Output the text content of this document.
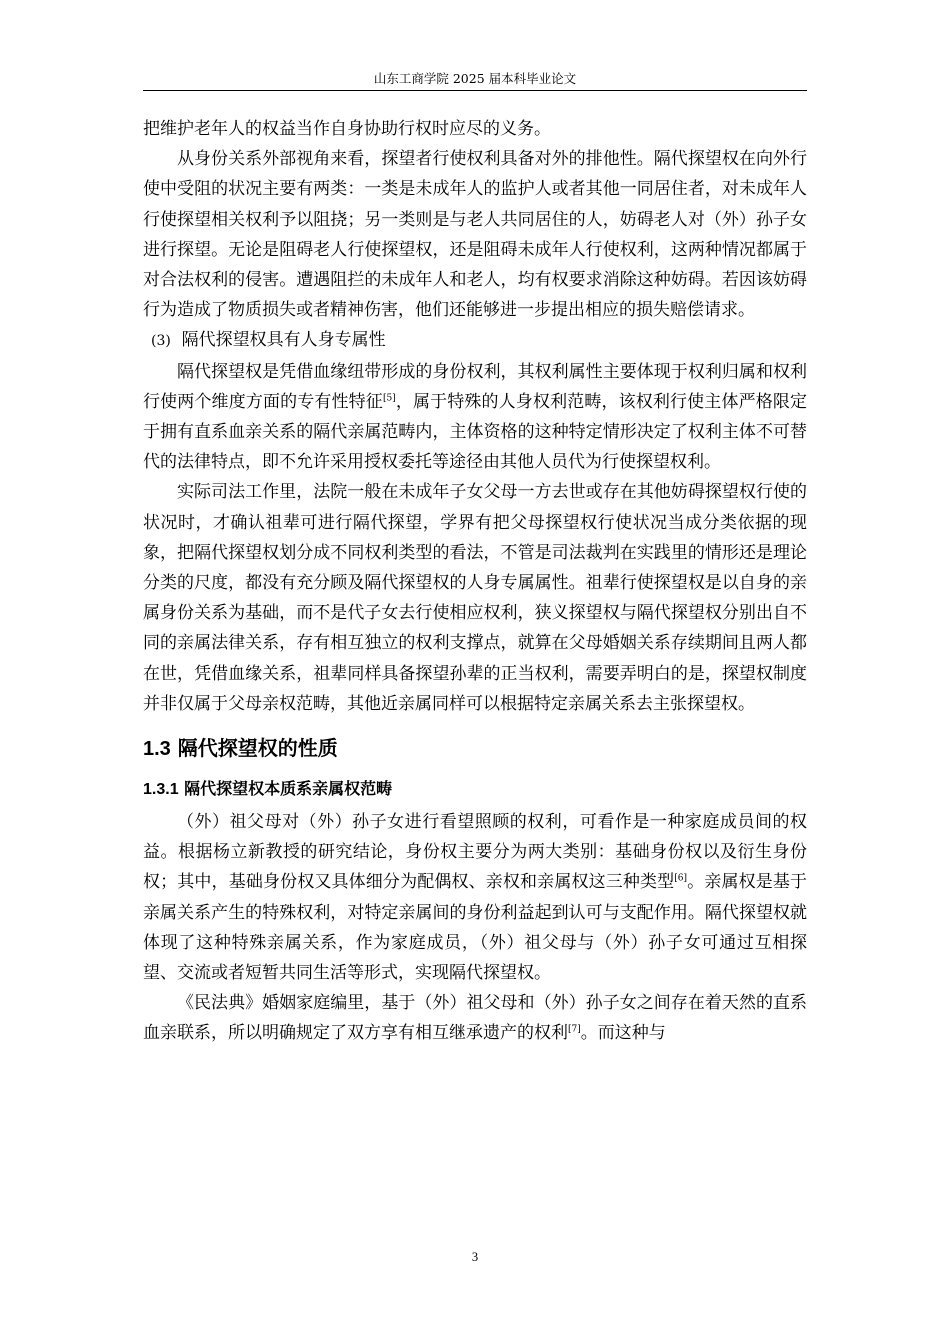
山东工商学院 2025 届本科毕业论文

把维护老年人的权益当作自身协助行权时应尽的义务。

从身份关系外部视角来看，探望者行使权利具备对外的排他性。隔代探望权在向外行使中受阻的状况主要有两类：一类是未成年人的监护人或者其他一同居住者，对未成年人行使探望相关权利予以阻挠；另一类则是与老人共同居住的人，妨碍老人对（外）孙子女进行探望。无论是阻碍老人行使探望权，还是阻碍未成年人行使权利，这两种情况都属于对合法权利的侵害。遭遇阻拦的未成年人和老人，均有权要求消除这种妨碍。若因该妨碍行为造成了物质损失或者精神伤害，他们还能够进一步提出相应的损失赔偿请求。

(3) 隔代探望权具有人身专属性

隔代探望权是凭借血缘纽带形成的身份权利，其权利属性主要体现于权利归属和权利行使两个维度方面的专有性特征[5]，属于特殊的人身权利范畴，该权利行使主体严格限定于拥有直系血亲关系的隔代亲属范畴内，主体资格的这种特定情形决定了权利主体不可替代的法律特点，即不允许采用授权委托等途径由其他人员代为行使探望权利。

实际司法工作里，法院一般在未成年子女父母一方去世或存在其他妨碍探望权行使的状况时，才确认祖辈可进行隔代探望，学界有把父母探望权行使状况当成分类依据的现象，把隔代探望权划分成不同权利类型的看法，不管是司法裁判在实践里的情形还是理论分类的尺度，都没有充分顾及隔代探望权的人身专属属性。祖辈行使探望权是以自身的亲属身份关系为基础，而不是代子女去行使相应权利，狭义探望权与隔代探望权分别出自不同的亲属法律关系，存有相互独立的权利支撑点，就算在父母婚姻关系存续期间且两人都在世，凭借血缘关系，祖辈同样具备探望孙辈的正当权利，需要弄明白的是，探望权制度并非仅属于父母亲权范畴，其他近亲属同样可以根据特定亲属关系去主张探望权。

1.3 隔代探望权的性质
1.3.1 隔代探望权本质系亲属权范畴

（外）祖父母对（外）孙子女进行看望照顾的权利，可看作是一种家庭成员间的权益。根据杨立新教授的研究结论，身份权主要分为两大类别：基础身份权以及衍生身份权；其中，基础身份权又具体细分为配偶权、亲权和亲属权这三种类型[6]。亲属权是基于亲属关系产生的特殊权利，对特定亲属间的身份利益起到认可与支配作用。隔代探望权就体现了这种特殊亲属关系，作为家庭成员，（外）祖父母与（外）孙子女可通过互相探望、交流或者短暂共同生活等形式，实现隔代探望权。

《民法典》婚姻家庭编里，基于（外）祖父母和（外）孙子女之间存在着天然的直系血亲联系，所以明确规定了双方享有相互继承遗产的权利[7]。而这种与

3
